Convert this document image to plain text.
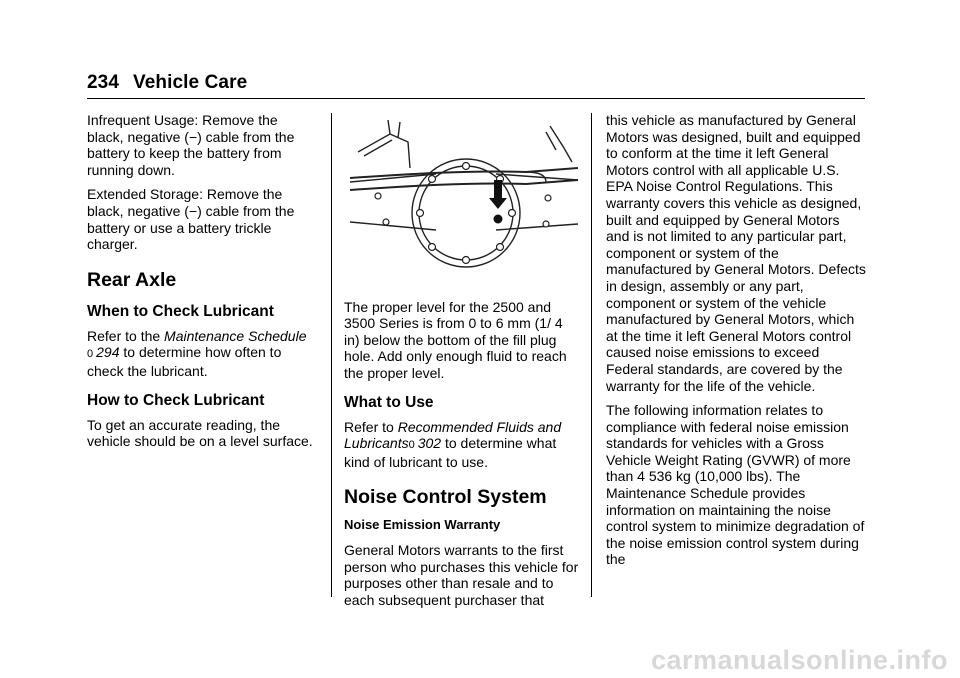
234 Vehicle Care

Infrequent Usage: Remove the black, negative (−) cable from the battery to keep the battery from running down.

Extended Storage: Remove the black, negative (−) cable from the battery or use a battery trickle charger.

Rear Axle
When to Check Lubricant

Refer to the Maintenance Schedule
0 294 to determine how often to check the lubricant.

How to Check Lubricant

To get an accurate reading, the vehicle should be on a level surface.

The proper level for the 2500 and 3500 Series is from 0 to 6 mm (1/ 4 in) below the bottom of the fill plug hole. Add only enough fluid to reach the proper level.

What to Use

Refer to Recommended Fluids and Lubricants0 302 to determine what kind of lubricant to use.

Noise Control System
Noise Emission Warranty

General Motors warrants to the first person who purchases this vehicle for purposes other than resale and to each subsequent purchaser that

this vehicle as manufactured by General Motors was designed, built and equipped to conform at the time it left General Motors control with all applicable U.S. EPA Noise Control Regulations. This warranty covers this vehicle as designed, built and equipped by General Motors and is not limited to any particular part, component or system of the manufactured by General Motors. Defects in design, assembly or any part, component or system of the vehicle manufactured by General Motors, which at the time it left General Motors control caused noise emissions to exceed Federal standards, are covered by the warranty for the life of the vehicle.

The following information relates to compliance with federal noise emission standards for vehicles with a Gross Vehicle Weight Rating (GVWR) of more than 4 536 kg (10,000 lbs). The Maintenance Schedule provides information on maintaining the noise control system to minimize degradation of the noise emission control system during the

carmanualsonline.info
